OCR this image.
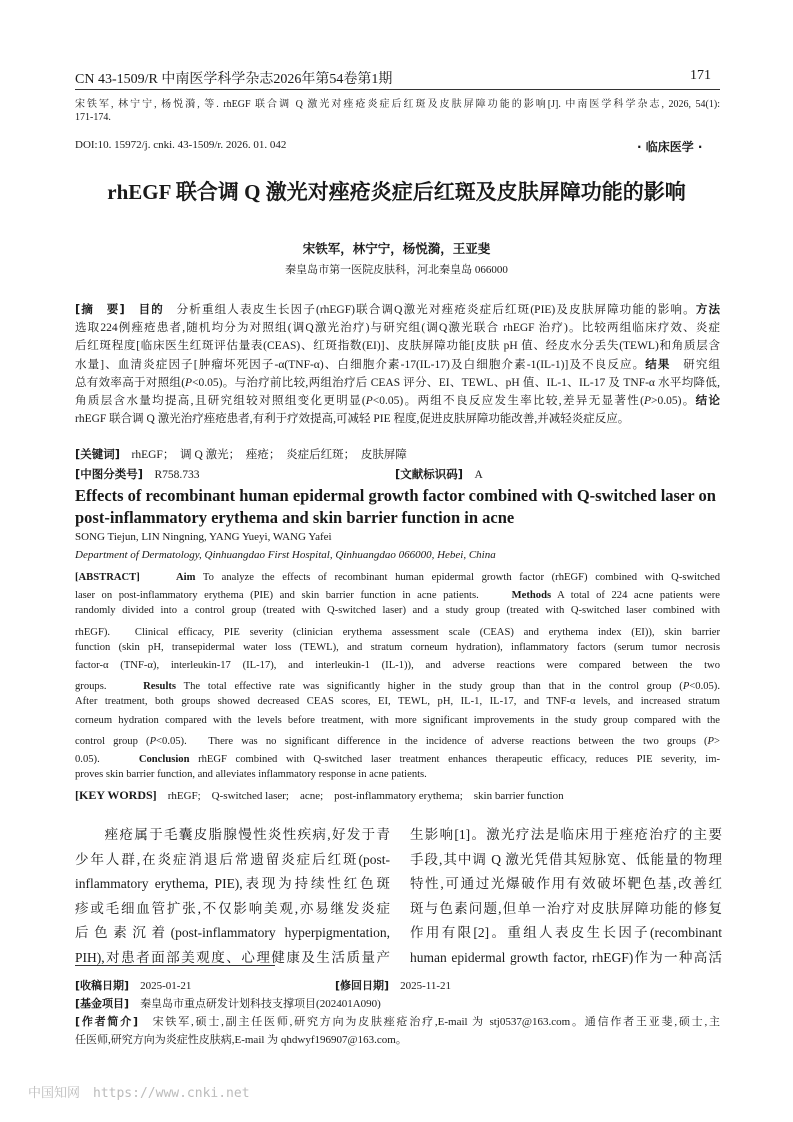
CN 43-1509/R 中南医学科学杂志2026年第54卷第1期	171
宋铁军, 林宁宁, 杨悦漪, 等. rhEGF 联合调 Q 激光对痤疮炎症后红斑及皮肤屏障功能的影响[J]. 中南医学科学杂志, 2026, 54(1):
171-174.
DOI:10. 15972/j. cnki. 43-1509/r. 2026. 01. 042	· 临床医学 ·
rhEGF 联合调 Q 激光对痤疮炎症后红斑及皮肤屏障功能的影响
宋铁军，林宁宁，杨悦漪，王亚斐
秦皇岛市第一医院皮肤科，河北秦皇岛 066000
[摘　要]　目的　分析重组人表皮生长因子(rhEGF)联合调Q激光对痤疮炎症后红斑(PIE)及皮肤屏障功能的影响。方法
选取224例痤疮患者,随机均分为对照组(调Q激光治疗)与研究组(调Q激光联合 rhEGF 治疗)。比较两组临床疗效、炎症
后红斑程度[临床医生红斑评估量表(CEAS)、红斑指数(EI)]、皮肤屏障功能[皮肤 pH 值、经皮水分丢失(TEWL)和角质层含
水量]、血清炎症因子[肿瘤坏死因子-α(TNF-α)、白细胞介素-17(IL-17)及白细胞介素-1(IL-1)]及不良反应。结果　研究组
总有效率高于对照组(P<0.05)。与治疗前比较,两组治疗后 CEAS 评分、EI、TEWL、pH 值、IL-1、IL-17 及 TNF-α 水平均降低,
角质层含水量均提高,且研究组较对照组变化更明显(P<0.05)。两组不良反应发生率比较,差异无显著性(P>0.05)。结论
rhEGF 联合调 Q 激光治疗痤疮患者,有利于疗效提高,可减轻 PIE 程度,促进皮肤屏障功能改善,并减轻炎症反应。
[关键词]　 rhEGF；　调 Q 激光；　痤疮；　炎症后红斑；　皮肤屏障
[中图分类号]　 R758.733	[文献标识码]　 A
Effects of recombinant human epidermal growth factor combined with Q-switched laser on
post-inflammatory erythema and skin barrier function in acne
SONG Tiejun, LIN Ningning, YANG Yueyi, WANG Yafei
Department of Dermatology, Qinhuangdao First Hospital, Qinhuangdao 066000, Hebei, China
[ABSTRACT]　　Aim To analyze the effects of recombinant human epidermal growth factor (rhEGF) combined with Q-switched
laser on post-inflammatory erythema (PIE) and skin barrier function in acne patients.　　Methods A total of 224 acne patients were
randomly divided into a control group (treated with Q-switched laser) and a study group (treated with Q-switched laser combined with
rhEGF).　Clinical efficacy, PIE severity (clinician erythema assessment scale (CEAS) and erythema index (EI)), skin barrier
function (skin pH, transepidermal water loss (TEWL), and stratum corneum hydration), inflammatory factors (serum tumor necrosis
factor-α (TNF-α), interleukin-17 (IL-17), and interleukin-1 (IL-1)), and adverse reactions were compared between the two
groups.　　Results The total effective rate was significantly higher in the study group than that in the control group (P<0.05).
After treatment, both groups showed decreased CEAS scores, EI, TEWL, pH, IL-1, IL-17, and TNF-α levels, and increased stratum
corneum hydration compared with the levels before treatment, with more significant improvements in the study group compared with the
control group (P<0.05).　There was no significant difference in the incidence of adverse reactions between the two groups (P>
0.05).　　Conclusion rhEGF combined with Q-switched laser treatment enhances therapeutic efficacy, reduces PIE severity, im-
proves skin barrier function, and alleviates inflammatory response in acne patients.
[KEY WORDS]　 rhEGF;　Q-switched laser;　acne;　post-inflammatory erythema;　skin barrier function
　　痤疮属于毛囊皮脂腺慢性炎性疾病,好发于青
少年人群,在炎症消退后常遗留炎症后红斑(post-
inflammatory erythema, PIE),表现为持续性红色斑
疹或毛细血管扩张,不仅影响美观,亦易继发炎症
后色素沉着(post-inflammatory hyperpigmentation,
PIH),对患者面部美观度、心理健康及生活质量产
生影响[1]。激光疗法是临床用于痤疮治疗的主要
手段,其中调 Q 激光凭借其短脉宽、低能量的物理
特性,可通过光爆破作用有效破坏靶色基,改善红
斑与色素问题,但单一治疗对皮肤屏障功能的修复
作用有限[2]。重组人表皮生长因子(recombinant
human epidermal growth factor, rhEGF)作为一种高活
[收稿日期]　 2025-01-21	[修回日期]　 2025-11-21
[基金项目]　 秦皇岛市重点研发计划科技支撑项目(202401A090)
[作者简介]　 宋铁军,硕士,副主任医师,研究方向为皮肤痤疮治疗,E-mail 为 stj0537@163.com。通信作者王亚斐,硕士,主
任医师,研究方向为炎症性皮肤病,E-mail 为 qhdwyf196907@163.com。
中国知网　https://www.cnki.net
